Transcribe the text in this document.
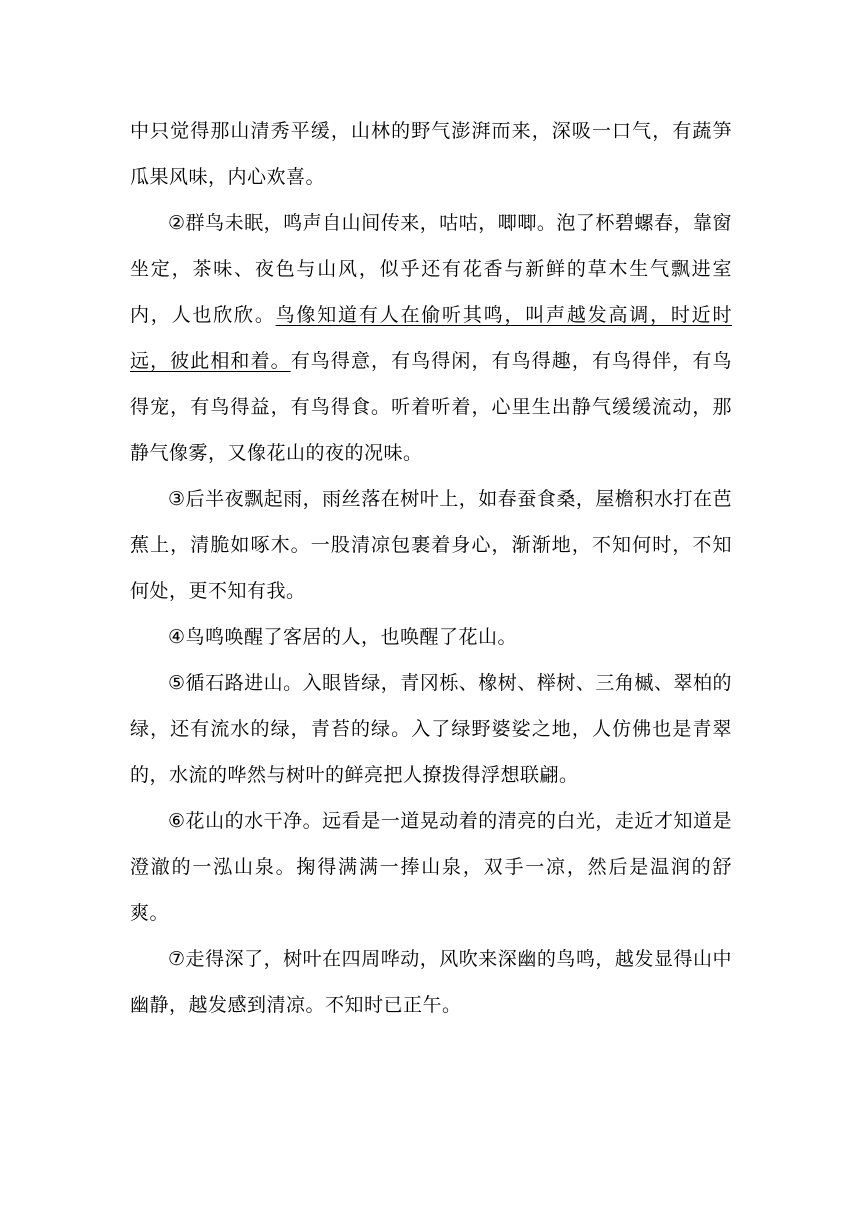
中只觉得那山清秀平缓，山林的野气澎湃而来，深吸一口气，有蔬笋瓜果风味，内心欢喜。

②群鸟未眠，鸣声自山间传来，咕咕，唧唧。泡了杯碧螺春，靠窗坐定，茶味、夜色与山风，似乎还有花香与新鲜的草木生气飘进室内，人也欣欣。鸟像知道有人在偷听其鸣，叫声越发高调，时近时远，彼此相和着。有鸟得意，有鸟得闲，有鸟得趣，有鸟得伴，有鸟得宠，有鸟得益，有鸟得食。听着听着，心里生出静气缓缓流动，那静气像雾，又像花山的夜的况味。

③后半夜飘起雨，雨丝落在树叶上，如春蚕食桑，屋檐积水打在芭蕉上，清脆如啄木。一股清凉包裹着身心，渐渐地，不知何时，不知何处，更不知有我。

④鸟鸣唤醒了客居的人，也唤醒了花山。

⑤循石路进山。入眼皆绿，青冈栎、橡树、榉树、三角槭、翠柏的绿，还有流水的绿，青苔的绿。入了绿野婆娑之地，人仿佛也是青翠的，水流的哗然与树叶的鲜亮把人撩拨得浮想联翩。

⑥花山的水干净。远看是一道晃动着的清亮的白光，走近才知道是澄澈的一泓山泉。掬得满满一捧山泉，双手一凉，然后是温润的舒爽。

⑦走得深了，树叶在四周哗动，风吹来深幽的鸟鸣，越发显得山中幽静，越发感到清凉。不知时已正午。
